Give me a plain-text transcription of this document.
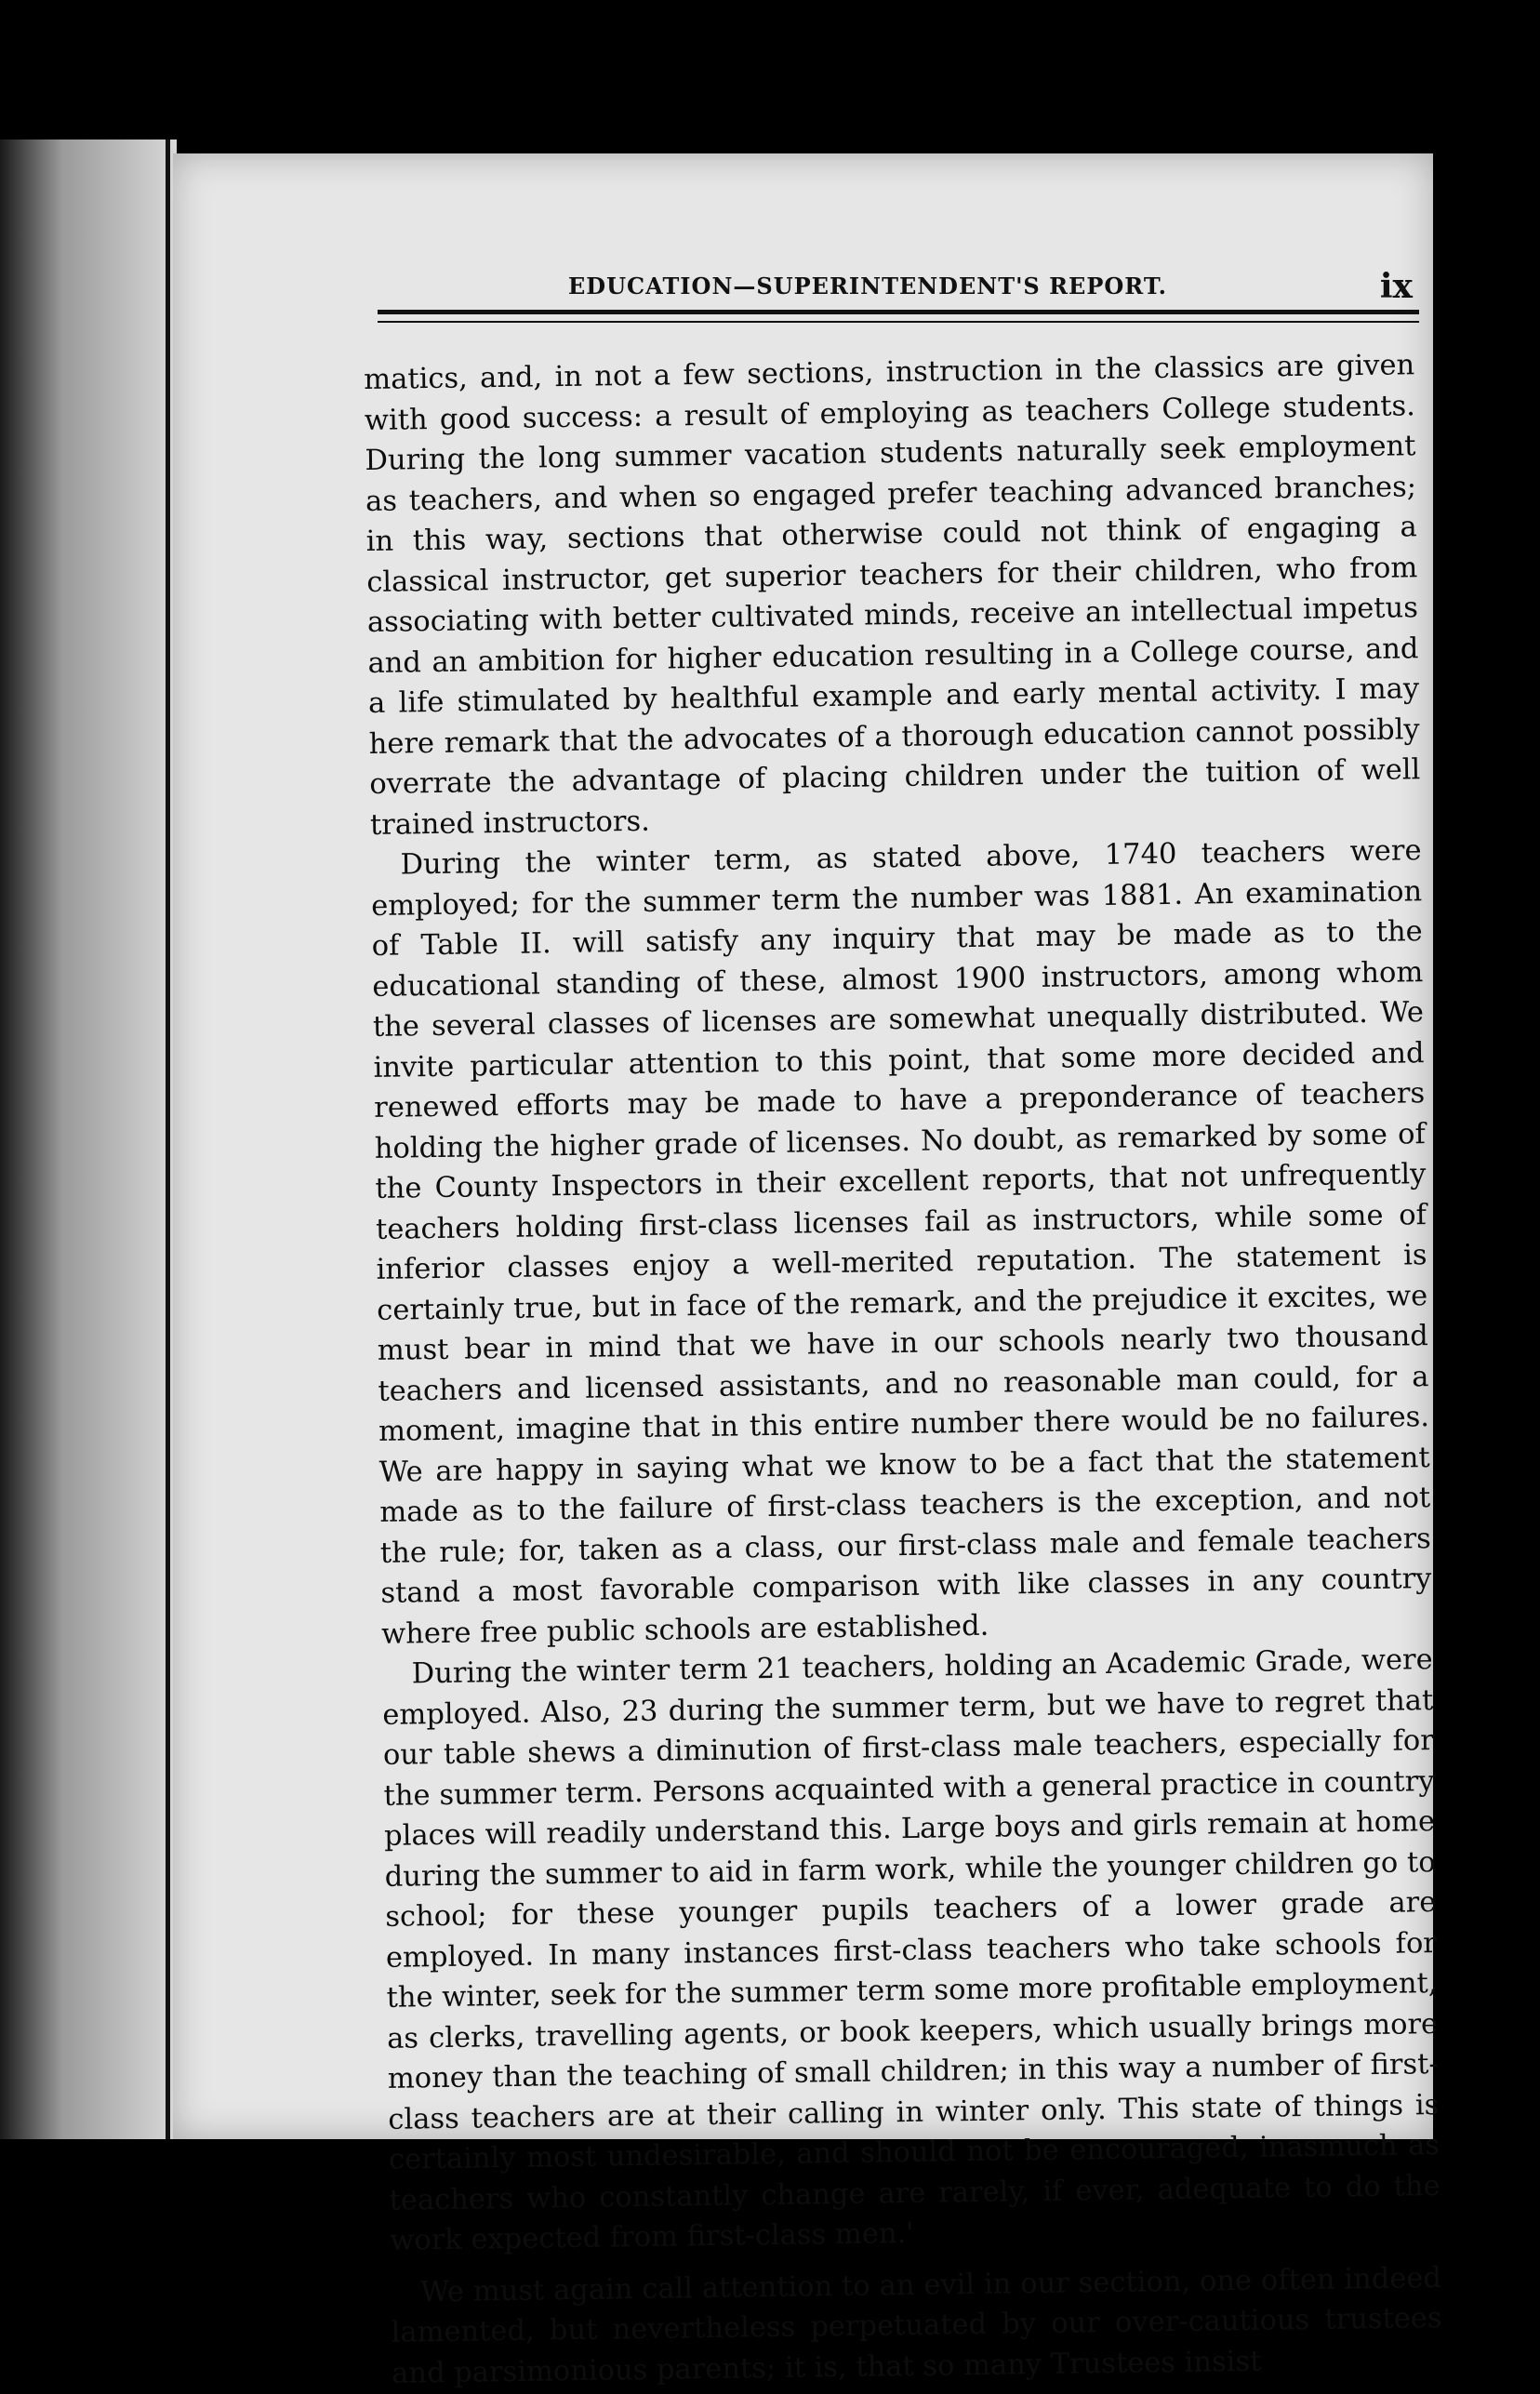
EDUCATION—SUPERINTENDENT'S REPORT.	ix

matics, and, in not a few sections, instruction in the classics are given with good success: a result of employing as teachers College students. During the long summer vacation students naturally seek employment as teachers, and when so engaged prefer teaching advanced branches; in this way, sections that otherwise could not think of engaging a classical instructor, get superior teachers for their children, who from associating with better cultivated minds, receive an intellectual impetus and an ambition for higher education resulting in a College course, and a life stimulated by healthful example and early mental activity. I may here remark that the advocates of a thorough education cannot possibly overrate the advantage of placing children under the tuition of well trained instructors.

During the winter term, as stated above, 1740 teachers were employed; for the summer term the number was 1881. An examination of Table II. will satisfy any inquiry that may be made as to the educational standing of these, almost 1900 instructors, among whom the several classes of licenses are somewhat unequally distributed. We invite particular attention to this point, that some more decided and renewed efforts may be made to have a preponderance of teachers holding the higher grade of licenses. No doubt, as remarked by some of the County Inspectors in their excellent reports, that not unfrequently teachers holding first-class licenses fail as instructors, while some of inferior classes enjoy a well-merited reputation. The statement is certainly true, but in face of the remark, and the prejudice it excites, we must bear in mind that we have in our schools nearly two thousand teachers and licensed assistants, and no reasonable man could, for a moment, imagine that in this entire number there would be no failures. We are happy in saying what we know to be a fact that the statement made as to the failure of first-class teachers is the exception, and not the rule; for, taken as a class, our first-class male and female teachers stand a most favorable comparison with like classes in any country where free public schools are established.

During the winter term 21 teachers, holding an Academic Grade, were employed. Also, 23 during the summer term, but we have to regret that our table shews a diminution of first-class male teachers, especially for the summer term. Persons acquainted with a general practice in country places will readily understand this. Large boys and girls remain at home during the summer to aid in farm work, while the younger children go to school; for these younger pupils teachers of a lower grade are employed. In many instances first-class teachers who take schools for the winter, seek for the summer term some more profitable employment, as clerks, travelling agents, or book keepers, which usually brings more money than the teaching of small children; in this way a number of first-class teachers are at their calling in winter only. This state of things is certainly most undesirable, and should not be encouraged, inasmuch as teachers who constantly change are rarely, if ever, adequate to do the work expected from first-class men.'

We must again call attention to an evil in our section, one often indeed lamented, but nevertheless perpetuated by our over-cautious trustees and parsimonious parents; it is, that so many Trustees insist
